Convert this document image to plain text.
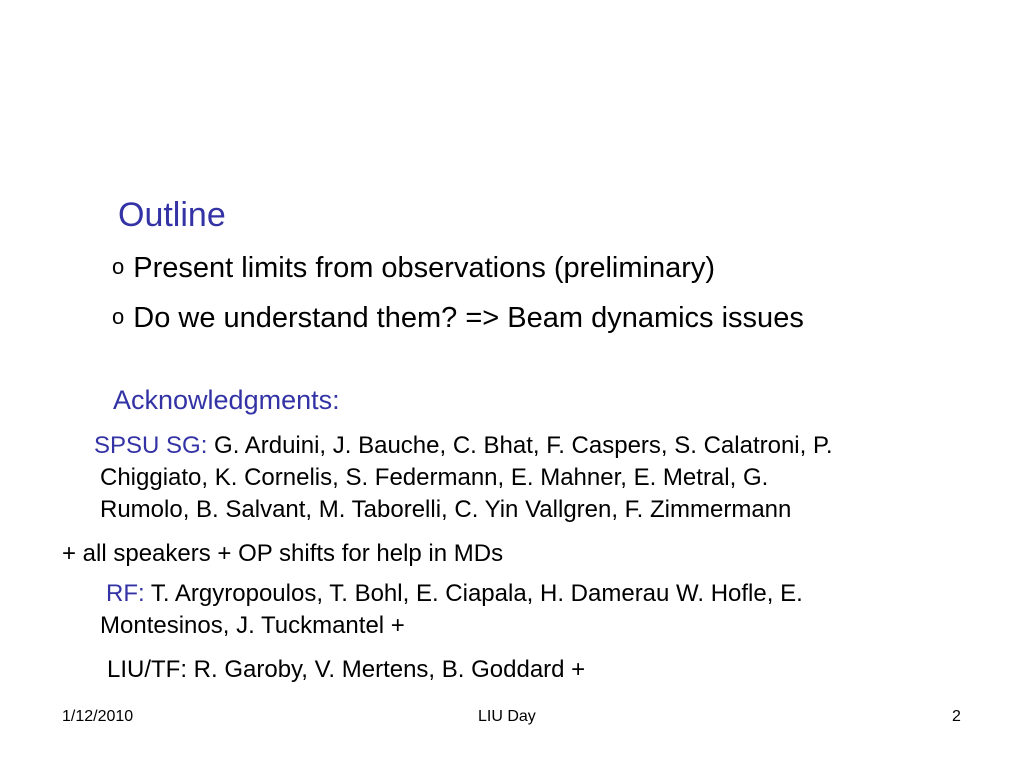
Outline
o Present limits from observations (preliminary)
o Do we understand them? => Beam dynamics issues
Acknowledgments:
SPSU SG: G. Arduini, J. Bauche, C. Bhat, F. Caspers, S. Calatroni, P.
Chiggiato, K. Cornelis, S. Federmann, E. Mahner, E. Metral, G.
Rumolo, B. Salvant, M. Taborelli, C. Yin Vallgren, F. Zimmermann
+ all speakers + OP shifts for help in MDs
RF: T. Argyropoulos, T. Bohl, E. Ciapala, H. Damerau W. Hofle, E.
Montesinos, J. Tuckmantel +
LIU/TF: R. Garoby, V. Mertens, B. Goddard +
1/12/2010	LIU Day	2
